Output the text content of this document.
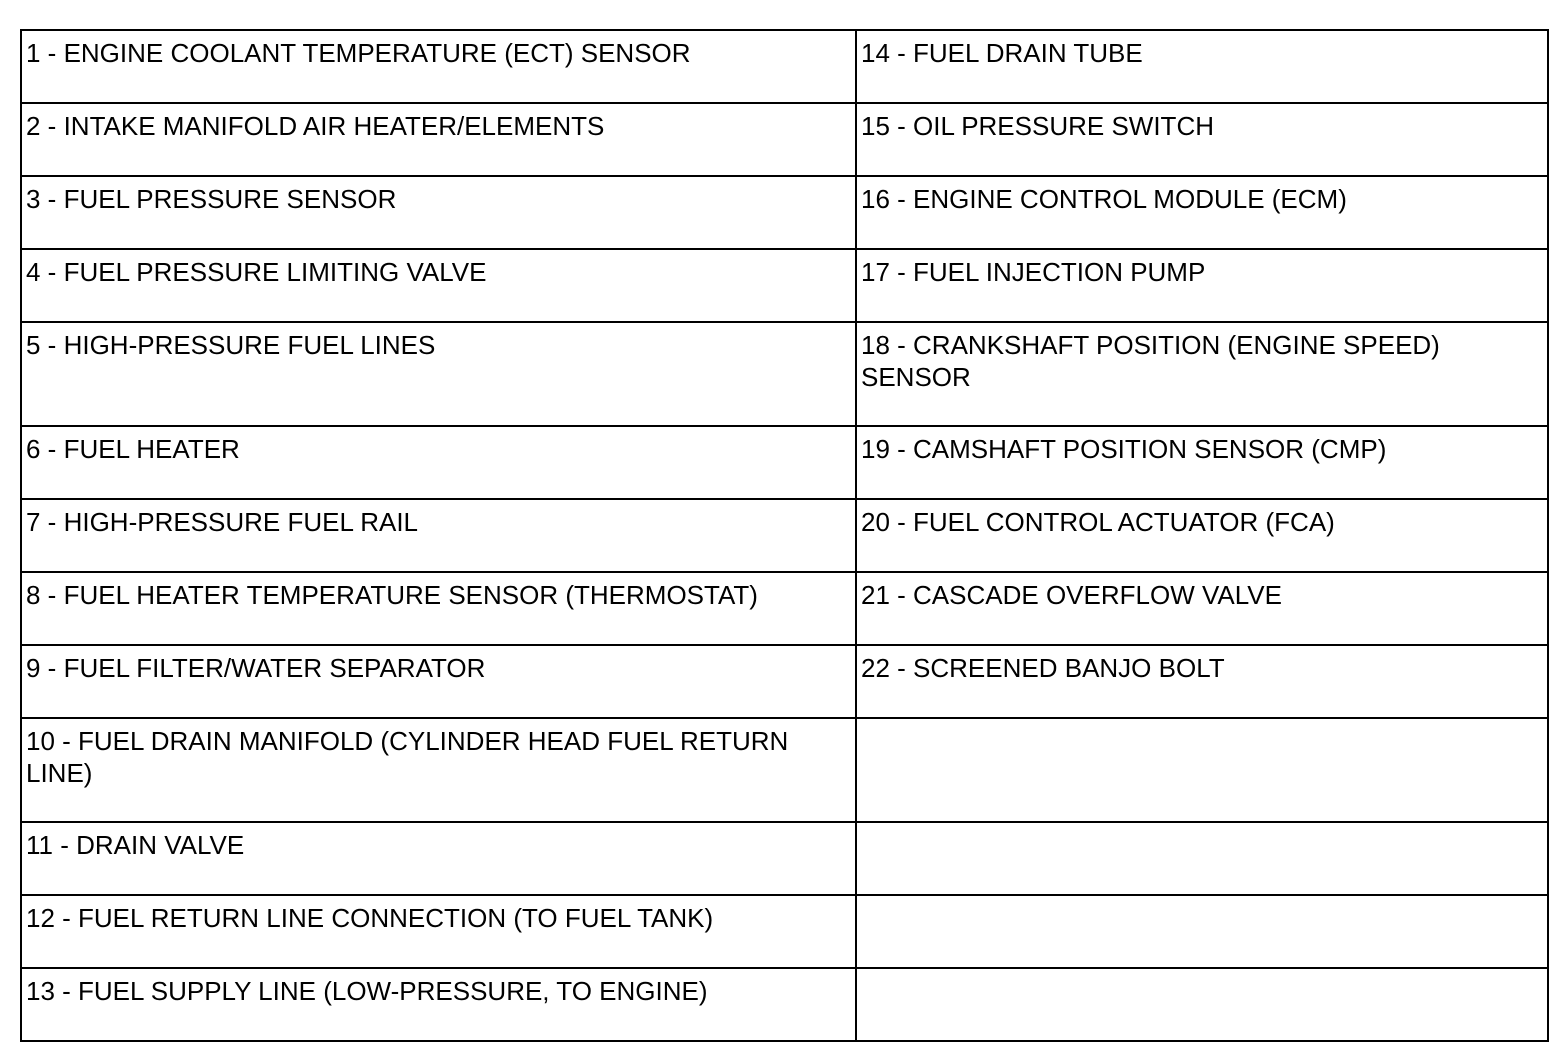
1 - ENGINE COOLANT TEMPERATURE (ECT) SENSOR	14 - FUEL DRAIN TUBE
2 - INTAKE MANIFOLD AIR HEATER/ELEMENTS	15 - OIL PRESSURE SWITCH
3 - FUEL PRESSURE SENSOR	16 - ENGINE CONTROL MODULE (ECM)
4 - FUEL PRESSURE LIMITING VALVE	17 - FUEL INJECTION PUMP
5 - HIGH-PRESSURE FUEL LINES	18 - CRANKSHAFT POSITION (ENGINE SPEED) SENSOR
6 - FUEL HEATER	19 - CAMSHAFT POSITION SENSOR (CMP)
7 - HIGH-PRESSURE FUEL RAIL	20 - FUEL CONTROL ACTUATOR (FCA)
8 - FUEL HEATER TEMPERATURE SENSOR (THERMOSTAT)	21 - CASCADE OVERFLOW VALVE
9 - FUEL FILTER/WATER SEPARATOR	22 - SCREENED BANJO BOLT
10 - FUEL DRAIN MANIFOLD (CYLINDER HEAD FUEL RETURN LINE)	
11 - DRAIN VALVE	
12 - FUEL RETURN LINE CONNECTION (TO FUEL TANK)	
13 - FUEL SUPPLY LINE (LOW-PRESSURE, TO ENGINE)	
